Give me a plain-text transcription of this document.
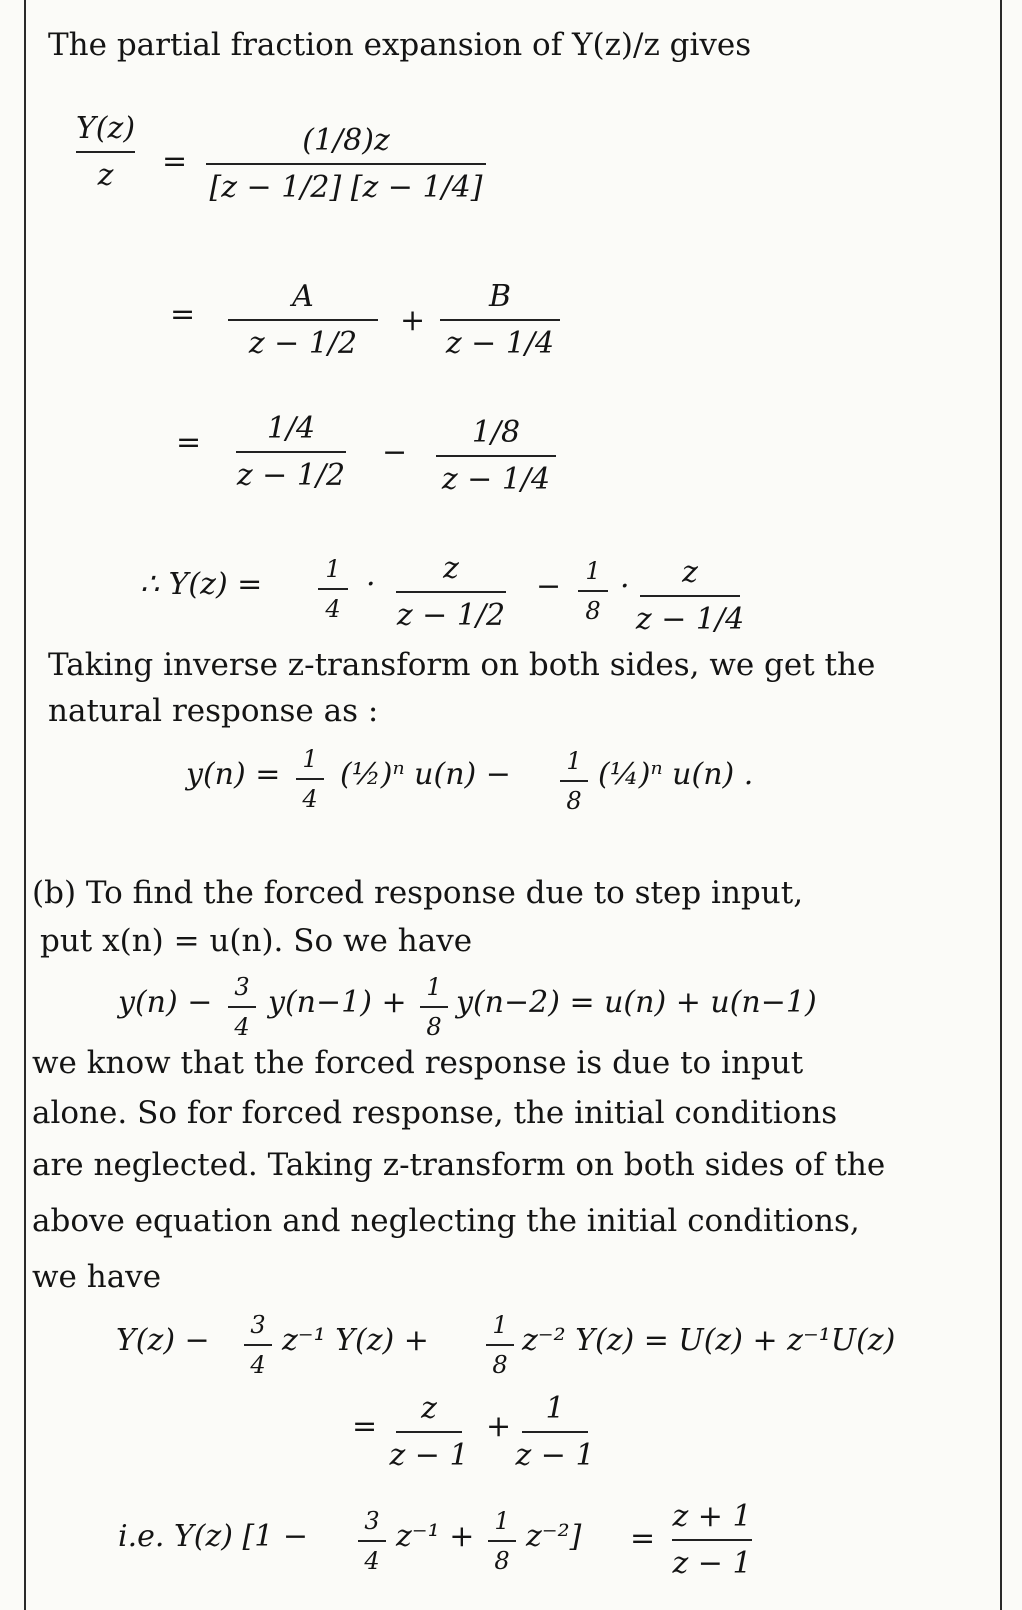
The partial fraction expansion of Y(z)/z gives
Y(z)
z =
(1/8)z
[z − 1/2] [z − 1/4]
=
A
z − 1/2
+
B
z − 1/4
= 1/4
z − 1/2
−
1/8
z − 1/4
∴ Y(z) =	1
4
· z
z − 1/2
− 1
8
· z
z − 1/4
Taking inverse z-transform on both sides, we get the
natural response as :
y(n) = 1
4
(½)ⁿ u(n) − 1
8
(¼)ⁿ u(n) .
(b) To find the forced response due to step input,
put x(n) = u(n). So we have
y(n) − 3
4
y(n−1) + 1
8
y(n−2) = u(n) + u(n−1)
we know that the forced response is due to input
alone. So for forced response, the initial conditions
are neglected. Taking z-transform on both sides of the
above equation and neglecting the initial conditions,
we have
Y(z) − 3
4
z⁻¹ Y(z) +	1
8
z⁻² Y(z) = U(z) + z⁻¹U(z)
=
z
z − 1
+
1
z − 1
i.e. Y(z) [1 − 3
4
z⁻¹ + 1
8
z⁻²] =
z + 1
z − 1
